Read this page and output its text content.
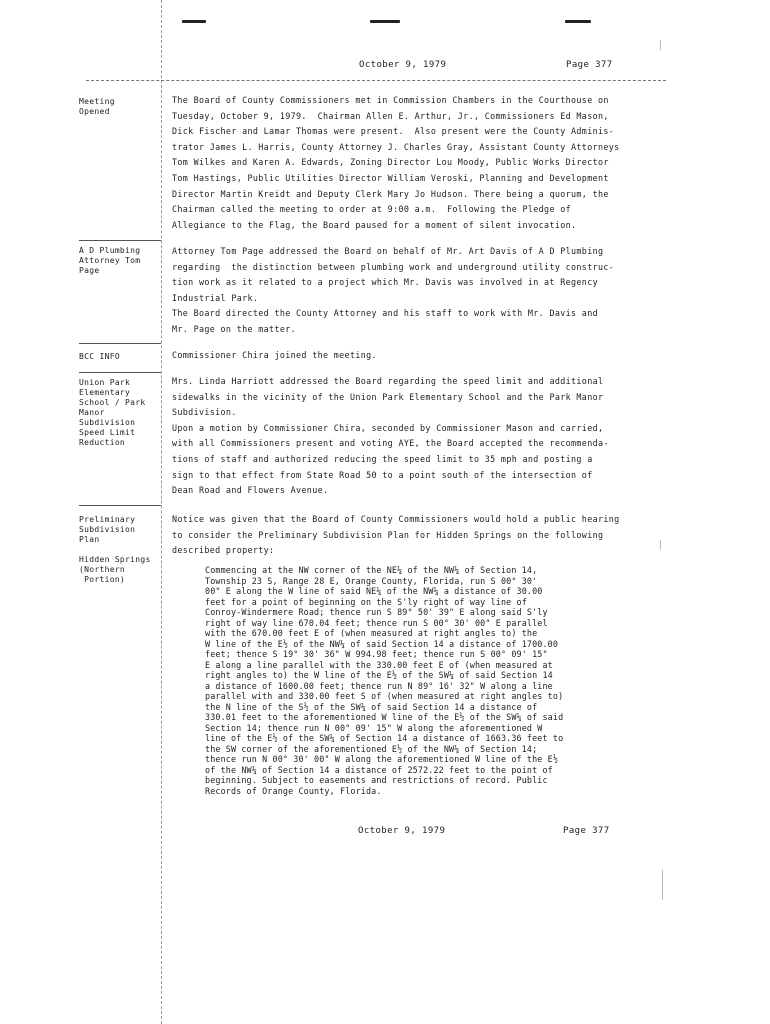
October 9, 1979	Page 377
Meeting
Opened

The Board of County Commissioners met in Commission Chambers in the Courthouse on
Tuesday, October 9, 1979.  Chairman Allen E. Arthur, Jr., Commissioners Ed Mason,
Dick Fischer and Lamar Thomas were present.  Also present were the County Adminis-
trator James L. Harris, County Attorney J. Charles Gray, Assistant County Attorneys
Tom Wilkes and Karen A. Edwards, Zoning Director Lou Moody, Public Works Director
Tom Hastings, Public Utilities Director William Veroski, Planning and Development
Director Martin Kreidt and Deputy Clerk Mary Jo Hudson. There being a quorum, the
Chairman called the meeting to order at 9:00 a.m.  Following the Pledge of
Allegiance to the Flag, the Board paused for a moment of silent invocation.

A D Plumbing
Attorney Tom
Page

Attorney Tom Page addressed the Board on behalf of Mr. Art Davis of A D Plumbing
regarding  the distinction between plumbing work and underground utility construc-
tion work as it related to a project which Mr. Davis was involved in at Regency
Industrial Park.
The Board directed the County Attorney and his staff to work with Mr. Davis and
Mr. Page on the matter.

BCC INFO	Commissioner Chira joined the meeting.

Union Park
Elementary
School / Park
Manor
Subdivision
Speed Limit
Reduction

Mrs. Linda Harriott addressed the Board regarding the speed limit and additional
sidewalks in the vicinity of the Union Park Elementary School and the Park Manor
Subdivision.
Upon a motion by Commissioner Chira, seconded by Commissioner Mason and carried,
with all Commissioners present and voting AYE, the Board accepted the recommenda-
tions of staff and authorized reducing the speed limit to 35 mph and posting a
sign to that effect from State Road 50 to a point south of the intersection of
Dean Road and Flowers Avenue.

Preliminary
Subdivision
Plan

Hidden Springs
(Northern
Portion)

Notice was given that the Board of County Commissioners would hold a public hearing
to consider the Preliminary Subdivision Plan for Hidden Springs on the following
described property:

Commencing at the NW corner of the NE¼ of the NW¼ of Section 14,
Township 23 S, Range 28 E, Orange County, Florida, run S 00° 30'
00" E along the W line of said NE¼ of the NW¼ a distance of 30.00
feet for a point of beginning on the S'ly right of way line of
Conroy-Windermere Road; thence run S 89° 50' 39" E along said S'ly
right of way line 670.04 feet; thence run S 00° 30' 00" E parallel
with the 670.00 feet E of (when measured at right angles to) the
W line of the E½ of the NW¼ of said Section 14 a distance of 1700.00
feet; thence S 19° 30' 36" W 994.98 feet; thence run S 00° 09' 15"
E along a line parallel with the 330.00 feet E of (when measured at
right angles to) the W line of the E½ of the SW¼ of said Section 14
a distance of 1600.00 feet; thence run N 89° 16' 32" W along a line
parallel with and 330.00 feet S of (when measured at right angles to)
the N line of the S½ of the SW¼ of said Section 14 a distance of
330.01 feet to the aforementioned W line of the E½ of the SW¼ of said
Section 14; thence run N 00° 09' 15" W along the aforementioned W
line of the E½ of the SW¼ of Section 14 a distance of 1663.36 feet to
the SW corner of the aforementioned E½ of the NW¼ of Section 14;
thence run N 00° 30' 00" W along the aforementioned W line of the E½
of the NW¼ of Section 14 a distance of 2572.22 feet to the point of
beginning. Subject to easements and restrictions of record. Public
Records of Orange County, Florida.

October 9, 1979	Page 377
